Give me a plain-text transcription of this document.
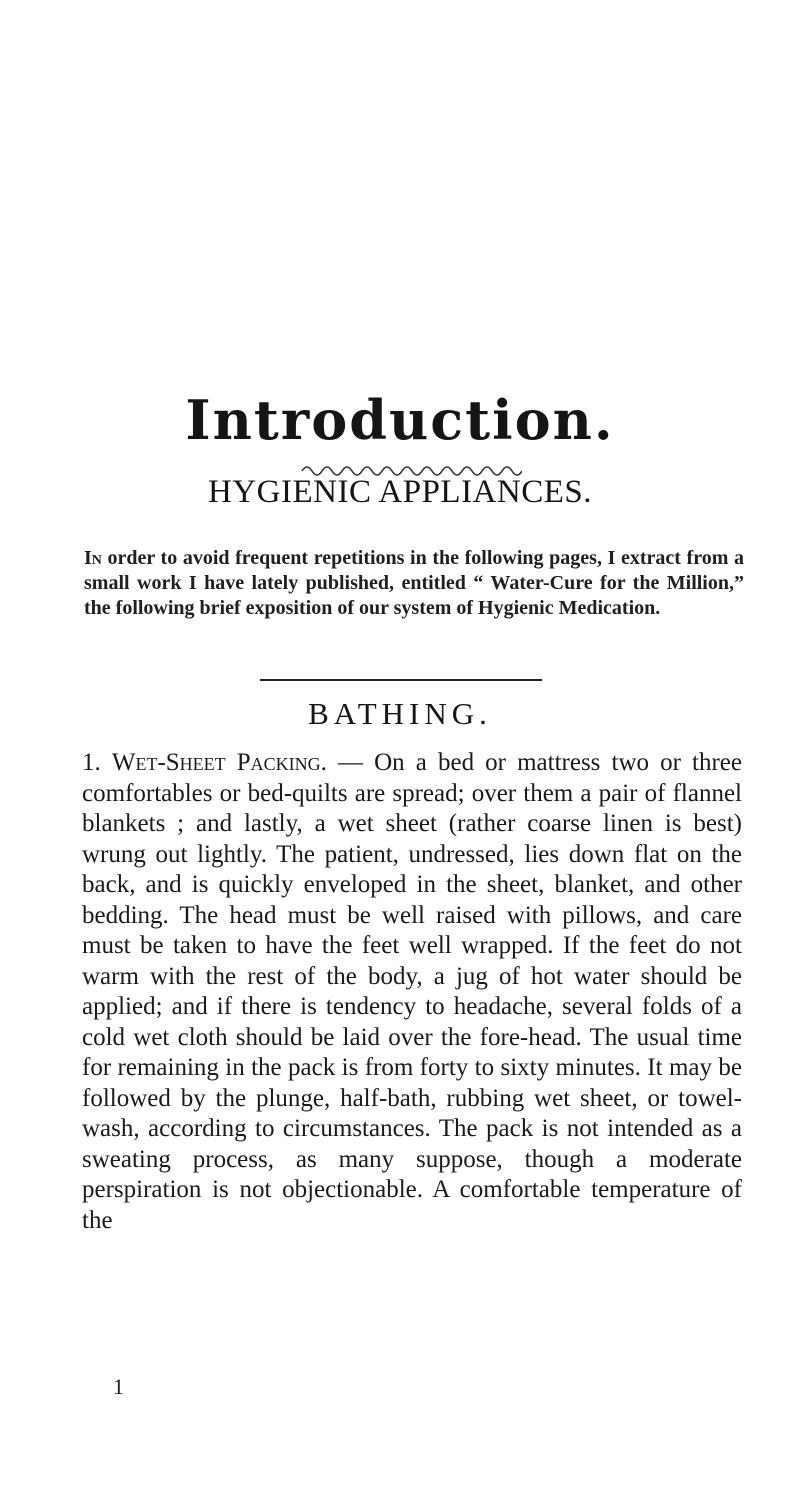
Introduction.
HYGIENIC APPLIANCES.
In order to avoid frequent repetitions in the following pages, I extract from a small work I have lately published, entitled “ Water-Cure for the Million,” the following brief exposition of our system of Hygienic Medication.
BATHING.
1. Wet-Sheet Packing. — On a bed or mattress two or three comfortables or bed-quilts are spread; over them a pair of flannel blankets ; and lastly, a wet sheet (rather coarse linen is best) wrung out lightly. The patient, undressed, lies down flat on the back, and is quickly enveloped in the sheet, blanket, and other bedding. The head must be well raised with pillows, and care must be taken to have the feet well wrapped. If the feet do not warm with the rest of the body, a jug of hot water should be applied; and if there is tendency to headache, several folds of a cold wet cloth should be laid over the fore-head. The usual time for remaining in the pack is from forty to sixty minutes. It may be followed by the plunge, half-bath, rubbing wet sheet, or towel-wash, according to circumstances. The pack is not intended as a sweating process, as many suppose, though a moderate perspiration is not objectionable. A comfortable temperature of the
1
